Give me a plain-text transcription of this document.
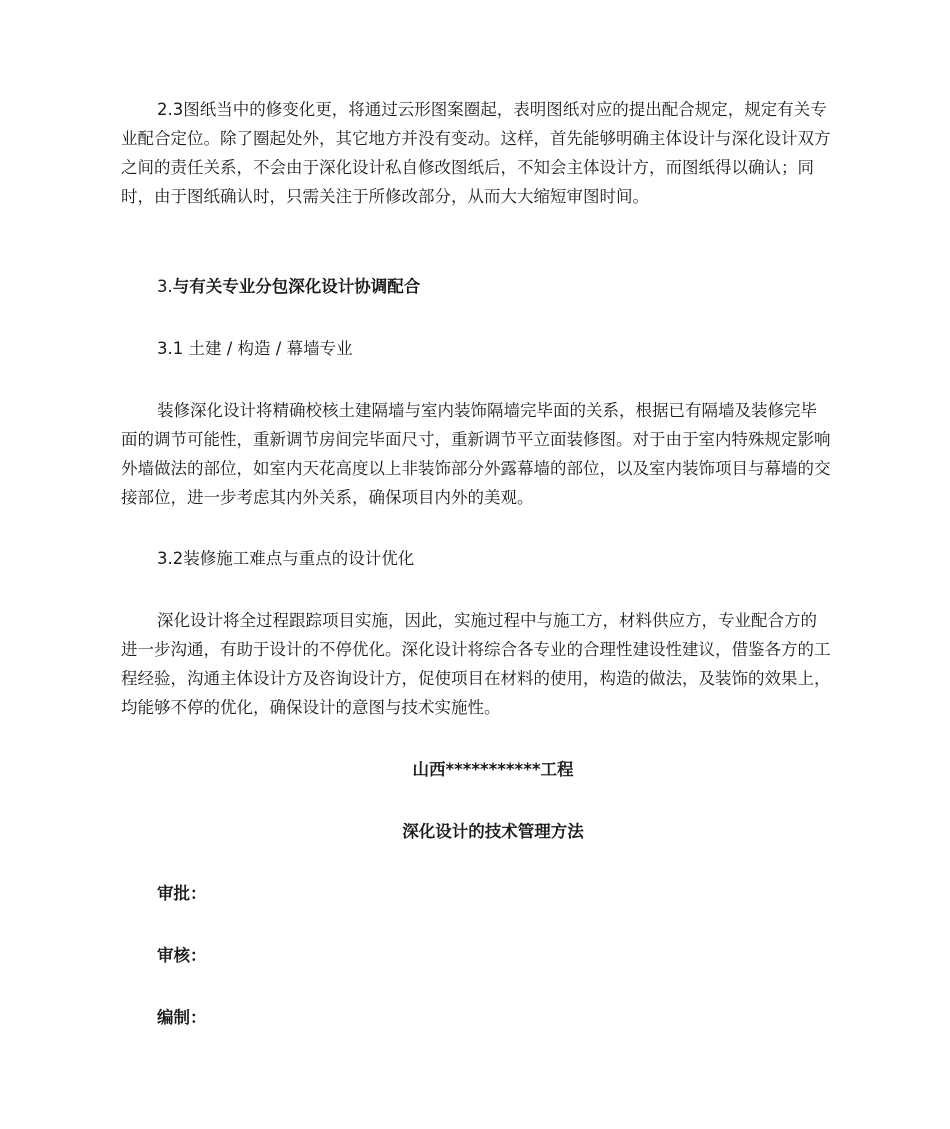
2.3图纸当中的修变化更，将通过云形图案圈起，表明图纸对应的提出配合规定，规定有关专业配合定位。除了圈起处外，其它地方并没有变动。这样，首先能够明确主体设计与深化设计双方之间的责任关系，不会由于深化设计私自修改图纸后，不知会主体设计方，而图纸得以确认；同时，由于图纸确认时，只需关注于所修改部分，从而大大缩短审图时间。

3.与有关专业分包深化设计协调配合

3.1 土建 / 构造 / 幕墙专业

装修深化设计将精确校核土建隔墙与室内装饰隔墙完毕面的关系，根据已有隔墙及装修完毕面的调节可能性，重新调节房间完毕面尺寸，重新调节平立面装修图。对于由于室内特殊规定影响外墙做法的部位，如室内天花高度以上非装饰部分外露幕墙的部位，以及室内装饰项目与幕墙的交接部位，进一步考虑其内外关系，确保项目内外的美观。

3.2装修施工难点与重点的设计优化

深化设计将全过程跟踪项目实施，因此，实施过程中与施工方，材料供应方，专业配合方的进一步沟通，有助于设计的不停优化。深化设计将综合各专业的合理性建设性建议，借鉴各方的工程经验，沟通主体设计方及咨询设计方，促使项目在材料的使用，构造的做法，及装饰的效果上，均能够不停的优化，确保设计的意图与技术实施性。

山西***********工程

深化设计的技术管理方法

审批：

审核：

编制：
